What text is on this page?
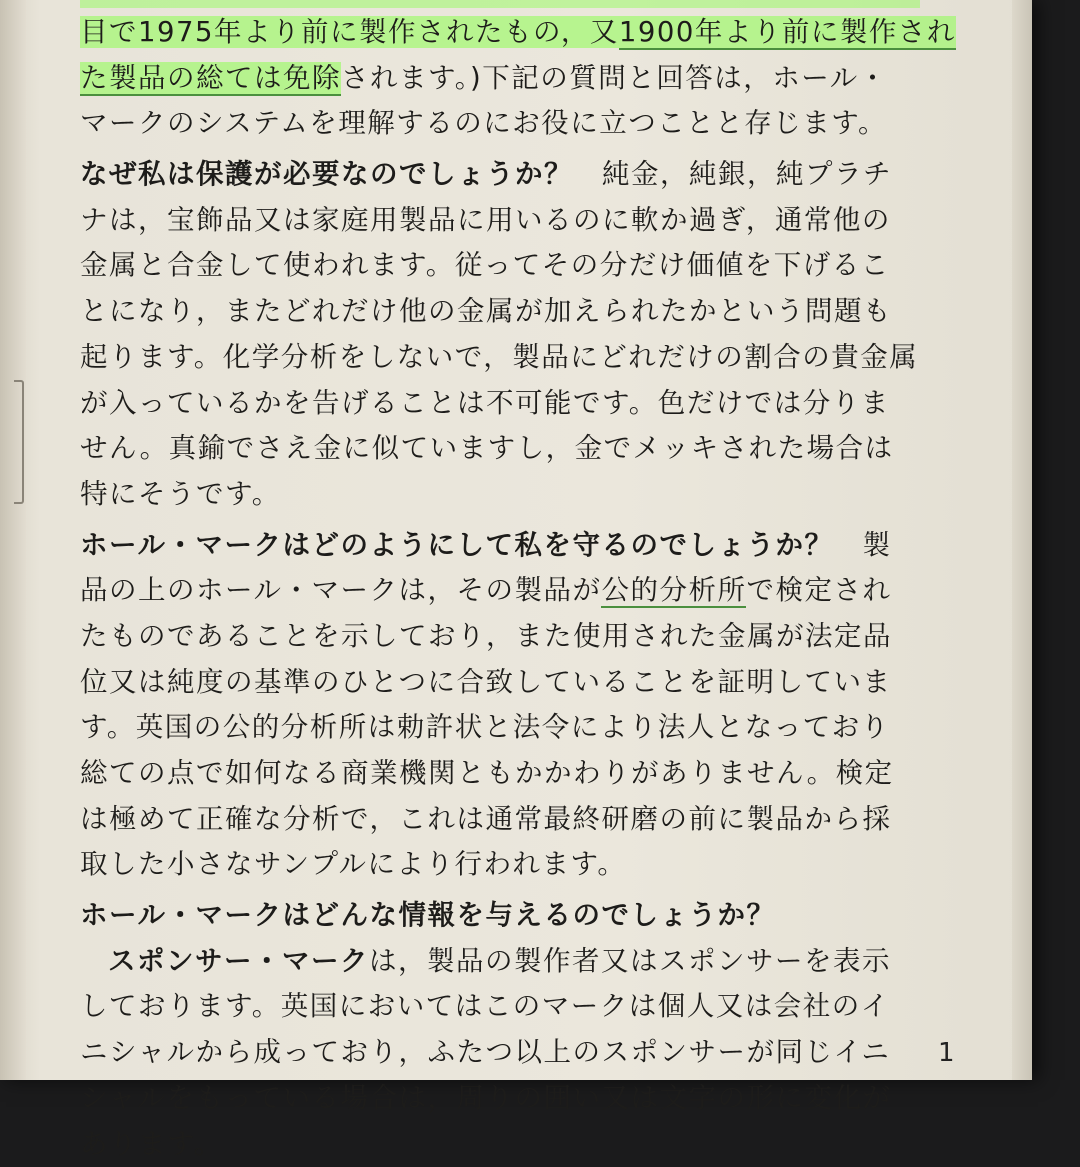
目で1975年より前に製作されたもの，又1900年より前に製作され
た製品の総ては免除されます。)下記の質問と回答は，ホール・
マークのシステムを理解するのにお役に立つことと存じます。
なぜ私は保護が必要なのでしょうか？　純金，純銀，純プラチ
ナは，宝飾品又は家庭用製品に用いるのに軟か過ぎ，通常他の
金属と合金して使われます。従ってその分だけ価値を下げるこ
とになり，またどれだけ他の金属が加えられたかという問題も
起ります。化学分析をしないで，製品にどれだけの割合の貴金属
が入っているかを告げることは不可能です。色だけでは分りま
せん。真鍮でさえ金に似ていますし，金でメッキされた場合は
特にそうです。
ホール・マークはどのようにして私を守るのでしょうか？　製
品の上のホール・マークは，その製品が公的分析所で検定され
たものであることを示しており，また使用された金属が法定品
位又は純度の基準のひとつに合致していることを証明していま
す。英国の公的分析所は勅許状と法令により法人となっており
総ての点で如何なる商業機関ともかかわりがありません。検定
は極めて正確な分析で，これは通常最終研磨の前に製品から採
取した小さなサンプルにより行われます。
ホール・マークはどんな情報を与えるのでしょうか？
スポンサー・マークは，製品の製作者又はスポンサーを表示
しております。英国においてはこのマークは個人又は会社のイ
ニシャルから成っており，ふたつ以上のスポンサーが同じイニ
シャルをもっている場合は，周りの囲い又は文字の形に変化が
あります。
1
